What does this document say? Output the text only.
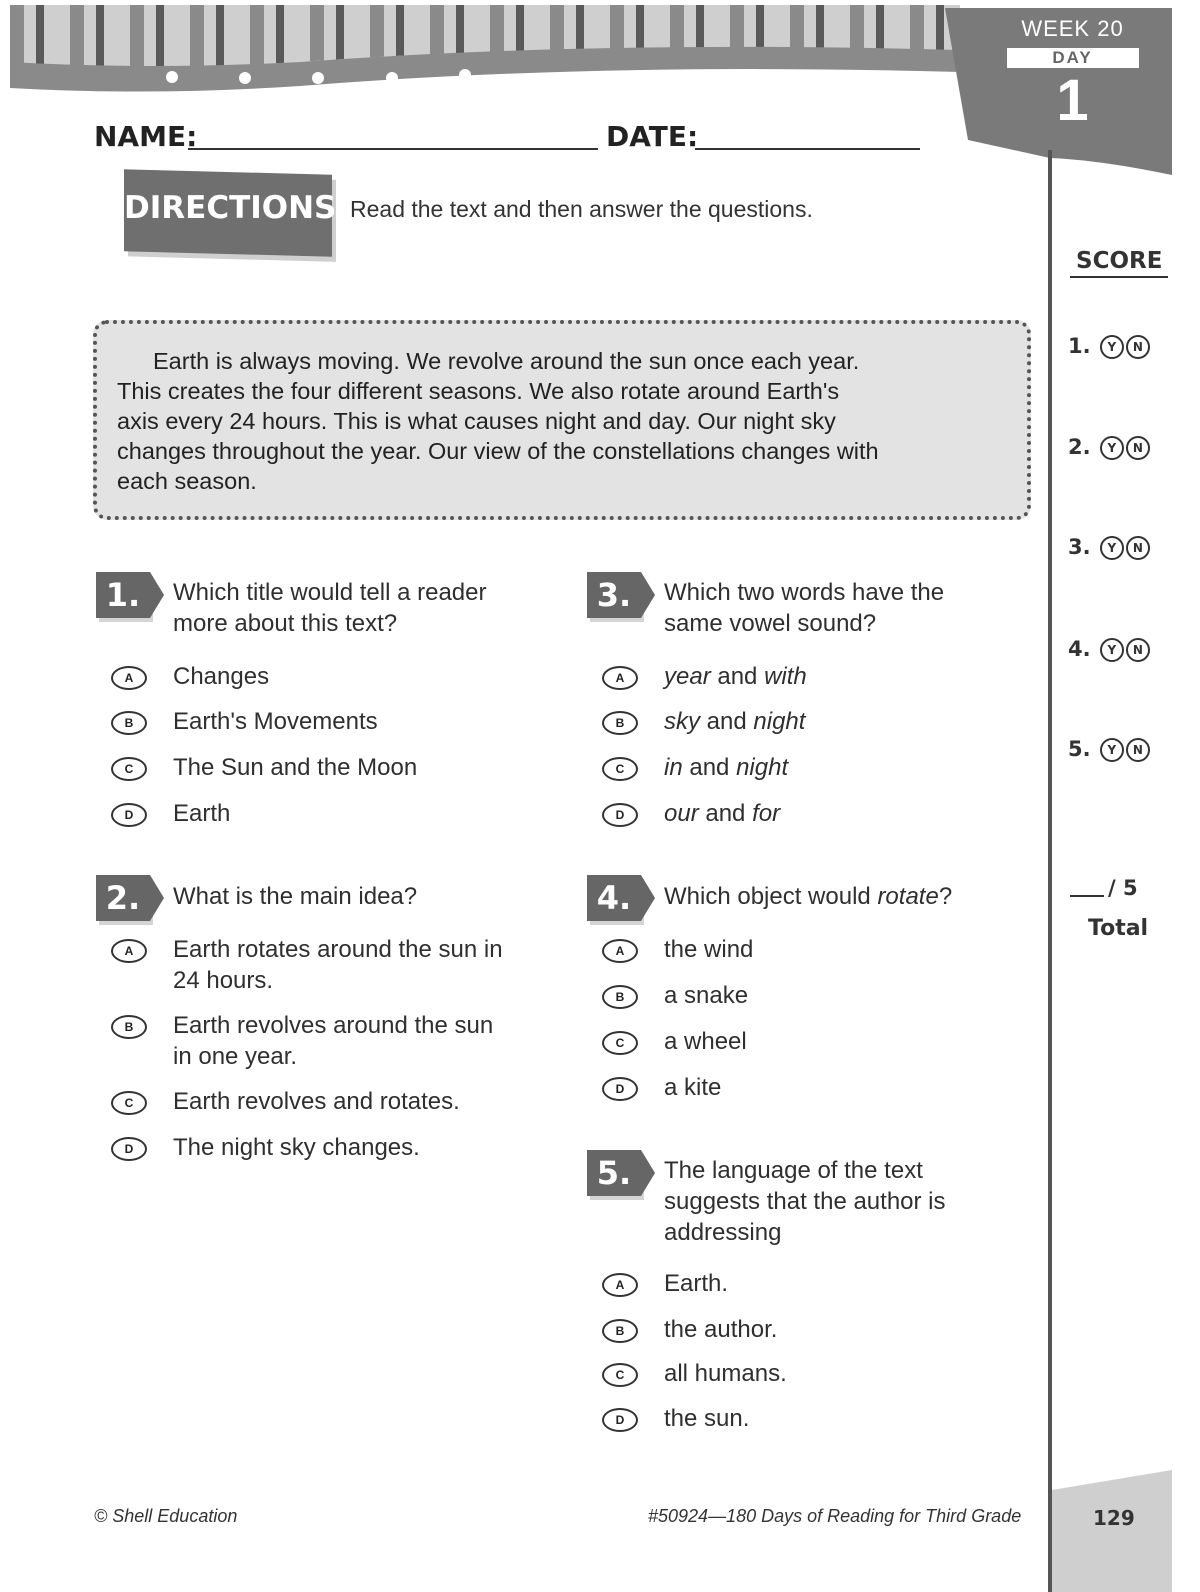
WEEK 20
DAY
1
NAME:	DATE:
DIRECTIONS Read the text and then answer the questions.

Earth is always moving. We revolve around the sun once each year.

This creates the four different seasons. We also rotate around Earth's
axis every 24 hours. This is what causes night and day. Our night sky
changes throughout the year. Our view of the constellations changes with
each season.
1.	Which title would tell a reader
more about this text?
A	Changes
B	Earth's Movements
C	The Sun and the Moon
D	Earth
2.	What is the main idea?
A	Earth rotates around the sun in
24 hours.
B	Earth revolves around the sun
in one year.
C	Earth revolves and rotates.
D	The night sky changes.
3.	Which two words have the
same vowel sound?
A	year and with
B	sky and night
C	in and night
D	our and for
4.	Which object would rotate?
A	the wind
B	a snake
C	a wheel
D	a kite
5.	The language of the text
suggests that the author is
addressing
A	Earth.
B	the author.
C	all humans.
D	the sun.
SCORE
1. Y N
2. Y N
3. Y N
4. Y N
5. Y N
/ 5
Total
129
© Shell Education	#50924—180 Days of Reading for Third Grade
